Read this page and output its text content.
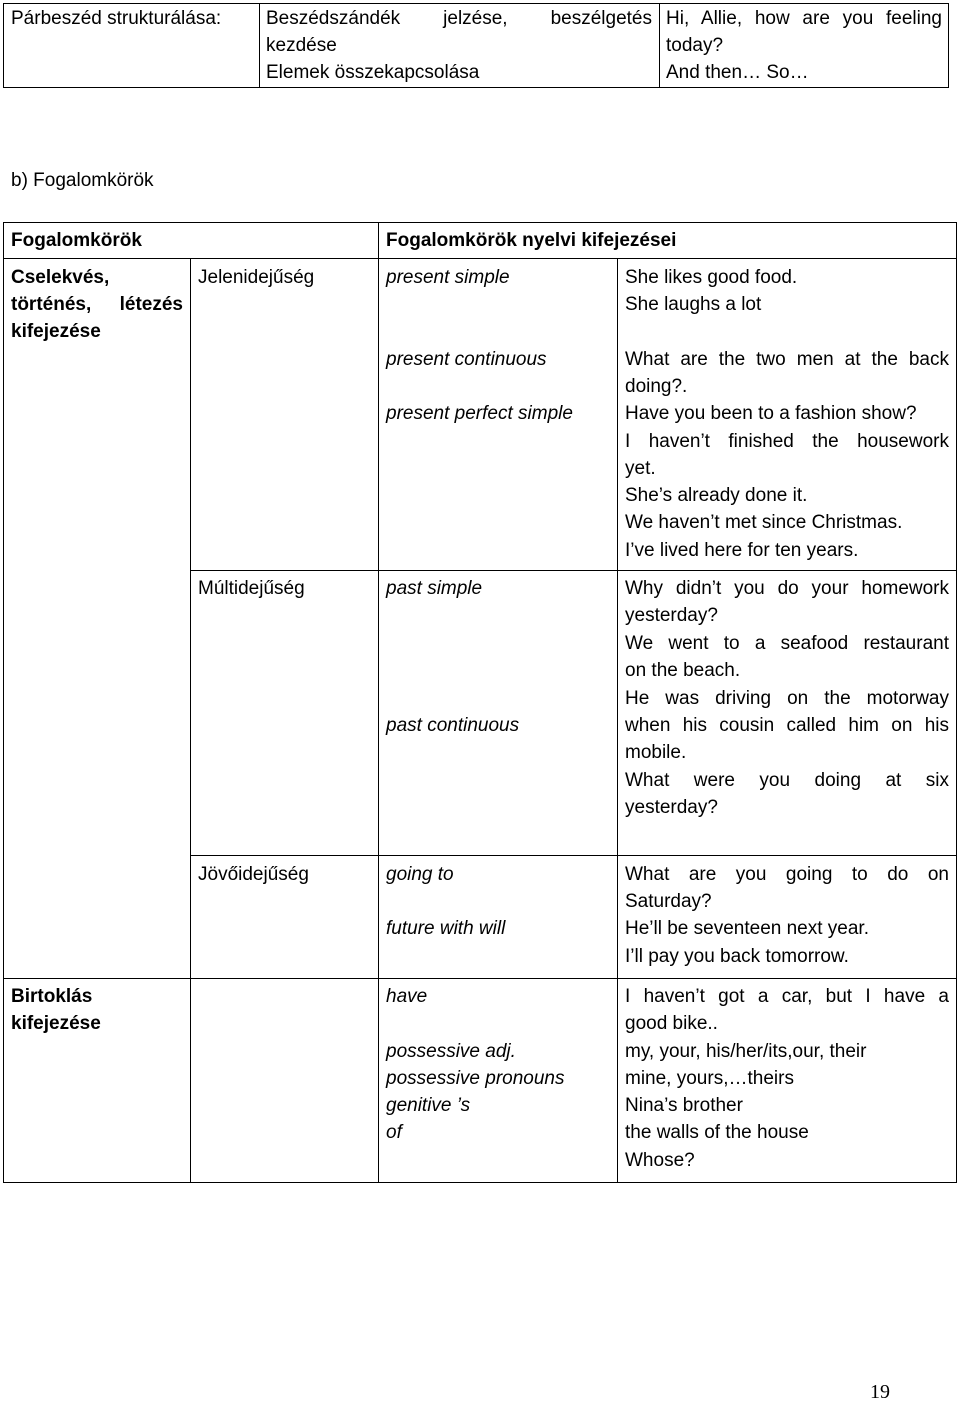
Párbeszéd strukturálása: Beszédszándék jelzése, beszélgetés
kezdése
Elemek összekapcsolása
Hi, Allie, how are you feeling
today?
And then… So…
b) Fogalomkörök
Fogalomkörök	Fogalomkörök nyelvi kifejezései
Cselekvés,
történés, létezés
kifejezése
Birtoklás
kifejezése
Jelenidejűség
Múltidejűség
Jövőidejűség
present simple
present continuous
present perfect simple
past simple
past continuous
going to
future with will
have
possessive adj.
possessive pronouns
genitive ’s
of
She likes good food.
She laughs a lot
What are the two men at the back
doing?.
Have you been to a fashion show?
I haven’t finished the housework
yet.
She’s already done it.
We haven’t met since Christmas.
I’ve lived here for ten years.
Why didn’t you do your homework
yesterday?
We went to a seafood restaurant
on the beach.
He was driving on the motorway
when his cousin called him on his
mobile.
What were you doing at six
yesterday?
What are you going to do on
Saturday?
He’ll be seventeen next year.
I’ll pay you back tomorrow.
I haven’t got a car, but I have a
good bike..
my, your, his/her/its,our, their
mine, yours,…theirs
Nina’s brother
the walls of the house
Whose?
19
